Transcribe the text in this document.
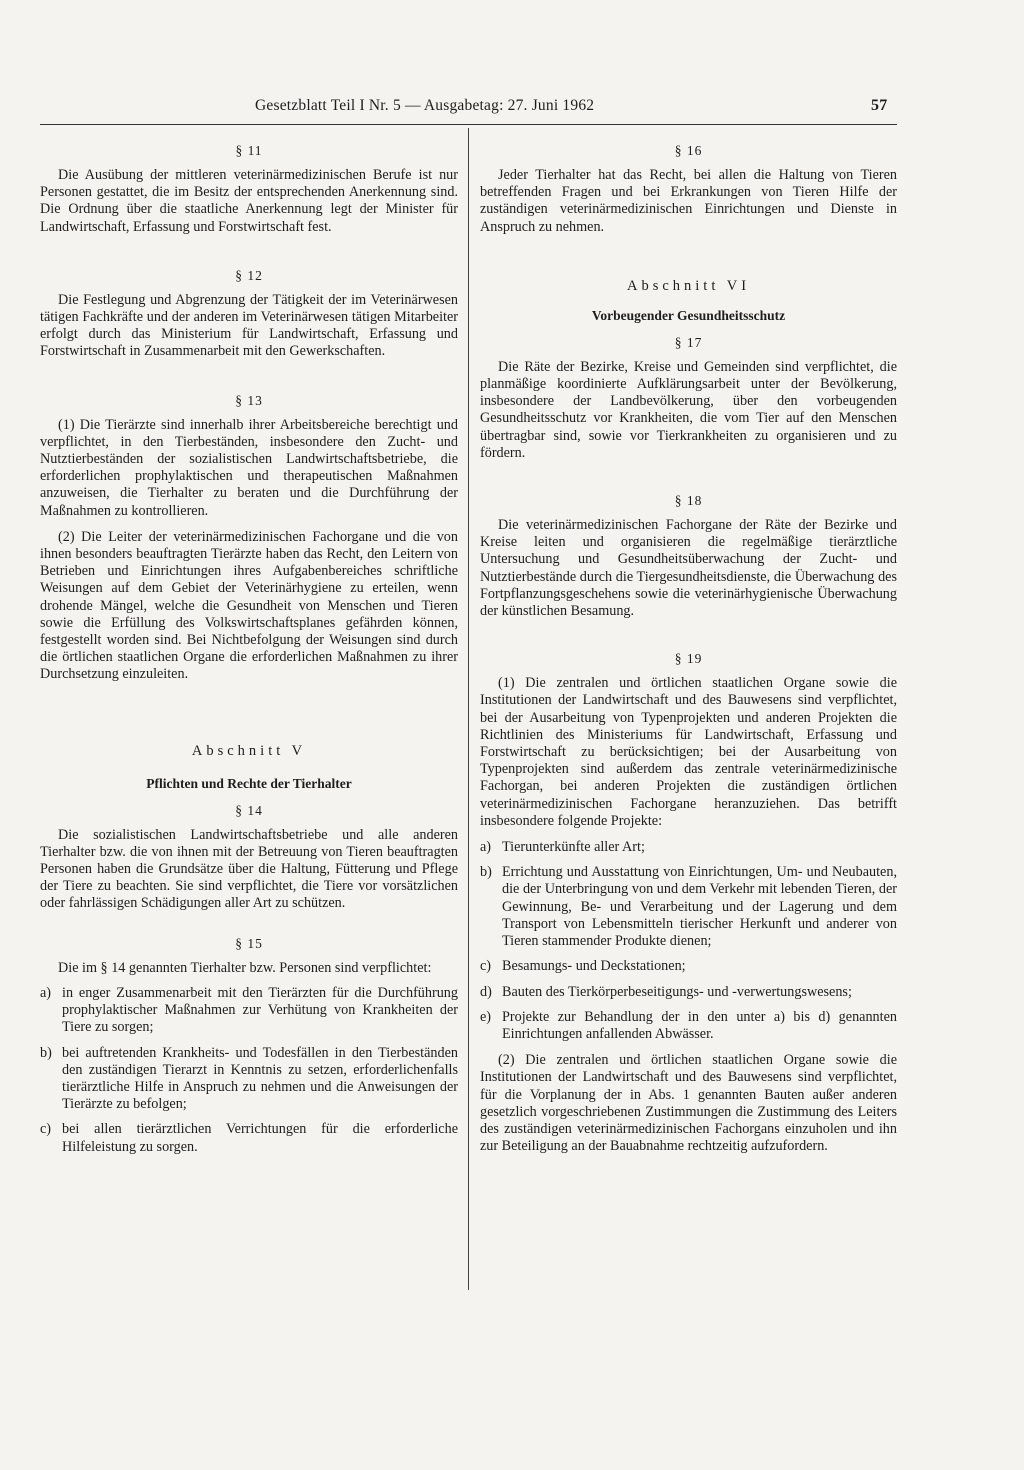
Gesetzblatt Teil I Nr. 5 — Ausgabetag: 27. Juni 1962	57

§ 11

Die Ausübung der mittleren veterinärmedizinischen Berufe ist nur Personen gestattet, die im Besitz der entsprechenden Anerkennung sind. Die Ordnung über die staatliche Anerkennung legt der Minister für Landwirtschaft, Erfassung und Forstwirtschaft fest.

§ 12

Die Festlegung und Abgrenzung der Tätigkeit der im Veterinärwesen tätigen Fachkräfte und der anderen im Veterinärwesen tätigen Mitarbeiter erfolgt durch das Ministerium für Landwirtschaft, Erfassung und Forstwirtschaft in Zusammenarbeit mit den Gewerkschaften.

§ 13

(1) Die Tierärzte sind innerhalb ihrer Arbeitsbereiche berechtigt und verpflichtet, in den Tierbeständen, insbesondere den Zucht- und Nutztierbeständen der sozialistischen Landwirtschaftsbetriebe, die erforderlichen prophylaktischen und therapeutischen Maßnahmen anzuweisen, die Tierhalter zu beraten und die Durchführung der Maßnahmen zu kontrollieren.

(2) Die Leiter der veterinärmedizinischen Fachorgane und die von ihnen besonders beauftragten Tierärzte haben das Recht, den Leitern von Betrieben und Einrichtungen ihres Aufgabenbereiches schriftliche Weisungen auf dem Gebiet der Veterinärhygiene zu erteilen, wenn drohende Mängel, welche die Gesundheit von Menschen und Tieren sowie die Erfüllung des Volkswirtschaftsplanes gefährden können, festgestellt worden sind. Bei Nichtbefolgung der Weisungen sind durch die örtlichen staatlichen Organe die erforderlichen Maßnahmen zu ihrer Durchsetzung einzuleiten.

Abschnitt V

Pflichten und Rechte der Tierhalter

§ 14

Die sozialistischen Landwirtschaftsbetriebe und alle anderen Tierhalter bzw. die von ihnen mit der Betreuung von Tieren beauftragten Personen haben die Grundsätze über die Haltung, Fütterung und Pflege der Tiere zu beachten. Sie sind verpflichtet, die Tiere vor vorsätzlichen oder fahrlässigen Schädigungen aller Art zu schützen.

§ 15

Die im § 14 genannten Tierhalter bzw. Personen sind verpflichtet:

a) in enger Zusammenarbeit mit den Tierärzten für die Durchführung prophylaktischer Maßnahmen zur Verhütung von Krankheiten der Tiere zu sorgen;
b) bei auftretenden Krankheits- und Todesfällen in den Tierbeständen den zuständigen Tierarzt in Kenntnis zu setzen, erforderlichenfalls tierärztliche Hilfe in Anspruch zu nehmen und die Anweisungen der Tierärzte zu befolgen;
c) bei allen tierärztlichen Verrichtungen für die erforderliche Hilfeleistung zu sorgen.

§ 16

Jeder Tierhalter hat das Recht, bei allen die Haltung von Tieren betreffenden Fragen und bei Erkrankungen von Tieren Hilfe der zuständigen veterinärmedizinischen Einrichtungen und Dienste in Anspruch zu nehmen.

Abschnitt VI

Vorbeugender Gesundheitsschutz

§ 17

Die Räte der Bezirke, Kreise und Gemeinden sind verpflichtet, die planmäßige koordinierte Aufklärungsarbeit unter der Bevölkerung, insbesondere der Landbevölkerung, über den vorbeugenden Gesundheitsschutz vor Krankheiten, die vom Tier auf den Menschen übertragbar sind, sowie vor Tierkrankheiten zu organisieren und zu fördern.

§ 18

Die veterinärmedizinischen Fachorgane der Räte der Bezirke und Kreise leiten und organisieren die regelmäßige tierärztliche Untersuchung und Gesundheitsüberwachung der Zucht- und Nutztierbestände durch die Tiergesundheitsdienste, die Überwachung des Fortpflanzungsgeschehens sowie die veterinärhygienische Überwachung der künstlichen Besamung.

§ 19

(1) Die zentralen und örtlichen staatlichen Organe sowie die Institutionen der Landwirtschaft und des Bauwesens sind verpflichtet, bei der Ausarbeitung von Typenprojekten und anderen Projekten die Richtlinien des Ministeriums für Landwirtschaft, Erfassung und Forstwirtschaft zu berücksichtigen; bei der Ausarbeitung von Typenprojekten sind außerdem das zentrale veterinärmedizinische Fachorgan, bei anderen Projekten die zuständigen örtlichen veterinärmedizinischen Fachorgane heranzuziehen. Das betrifft insbesondere folgende Projekte:

a) Tierunterkünfte aller Art;
b) Errichtung und Ausstattung von Einrichtungen, Um- und Neubauten, die der Unterbringung von und dem Verkehr mit lebenden Tieren, der Gewinnung, Be- und Verarbeitung und der Lagerung und dem Transport von Lebensmitteln tierischer Herkunft und anderer von Tieren stammender Produkte dienen;
c) Besamungs- und Deckstationen;
d) Bauten des Tierkörperbeseitigungs- und -verwertungswesens;
e) Projekte zur Behandlung der in den unter a) bis d) genannten Einrichtungen anfallenden Abwässer.

(2) Die zentralen und örtlichen staatlichen Organe sowie die Institutionen der Landwirtschaft und des Bauwesens sind verpflichtet, für die Vorplanung der in Abs. 1 genannten Bauten außer anderen gesetzlich vorgeschriebenen Zustimmungen die Zustimmung des Leiters des zuständigen veterinärmedizinischen Fachorgans einzuholen und ihn zur Beteiligung an der Bauabnahme rechtzeitig aufzufordern.
